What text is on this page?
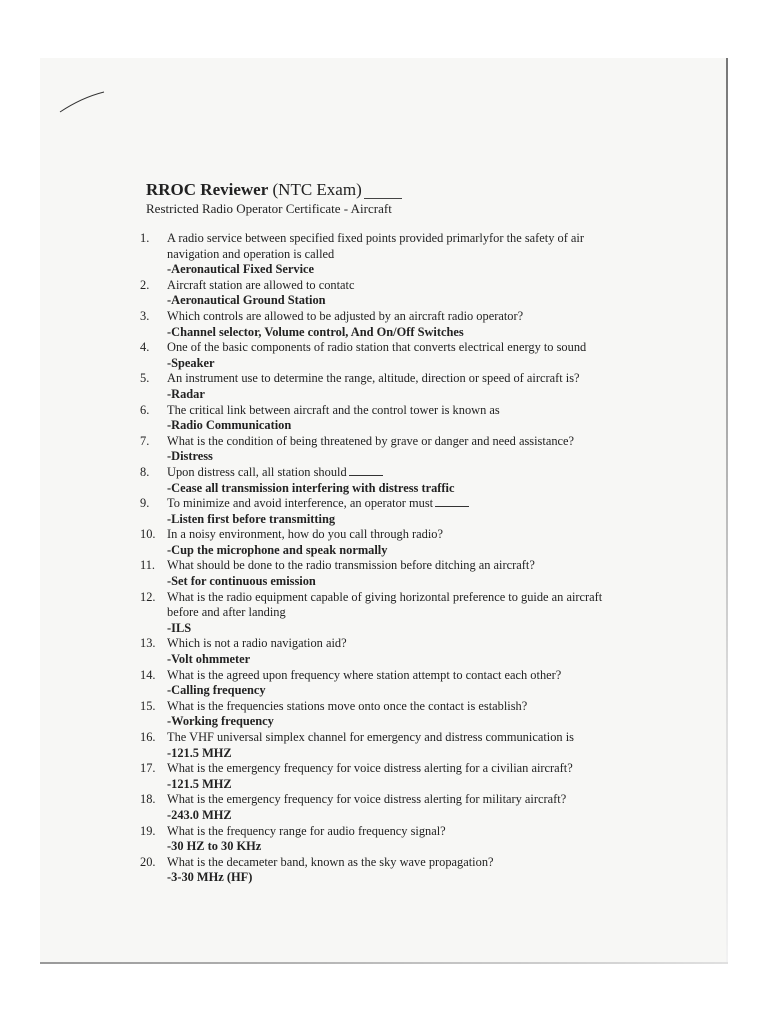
RROC Reviewer (NTC Exam)
Restricted Radio Operator Certificate - Aircraft
1.	A radio service between specified fixed points provided primarlyfor the safety of air navigation and operation is called
-Aeronautical Fixed Service
2.	Aircraft station are allowed to contatc
-Aeronautical Ground Station
3.	Which controls are allowed to be adjusted by an aircraft radio operator?
-Channel selector, Volume control, And On/Off Switches
4.	One of the basic components of radio station that converts electrical energy to sound
-Speaker
5.	An instrument use to determine the range, altitude, direction or speed of aircraft is?
-Radar
6.	The critical link between aircraft and the control tower is known as
-Radio Communication
7.	What is the condition of being threatened by grave or danger and need assistance?
-Distress
8.	Upon distress call, all station should
-Cease all transmission interfering with distress traffic
9.	To minimize and avoid interference, an operator must
-Listen first before transmitting
10. In a noisy environment, how do you call through radio?
-Cup the microphone and speak normally
11. What should be done to the radio transmission before ditching an aircraft?
-Set for continuous emission
12. What is the radio equipment capable of giving horizontal preference to guide an aircraft before and after landing
-ILS
13. Which is not a radio navigation aid?
-Volt ohmmeter
14. What is the agreed upon frequency where station attempt to contact each other?
-Calling frequency
15. What is the frequencies stations move onto once the contact is establish?
-Working frequency
16. The VHF universal simplex channel for emergency and distress communication is
-121.5 MHZ
17. What is the emergency frequency for voice distress alerting for a civilian aircraft?
-121.5 MHZ
18. What is the emergency frequency for voice distress alerting for military aircraft?
-243.0 MHZ
19. What is the frequency range for audio frequency signal?
-30 HZ to 30 KHz
20. What is the decameter band, known as the sky wave propagation?
-3-30 MHz (HF)
